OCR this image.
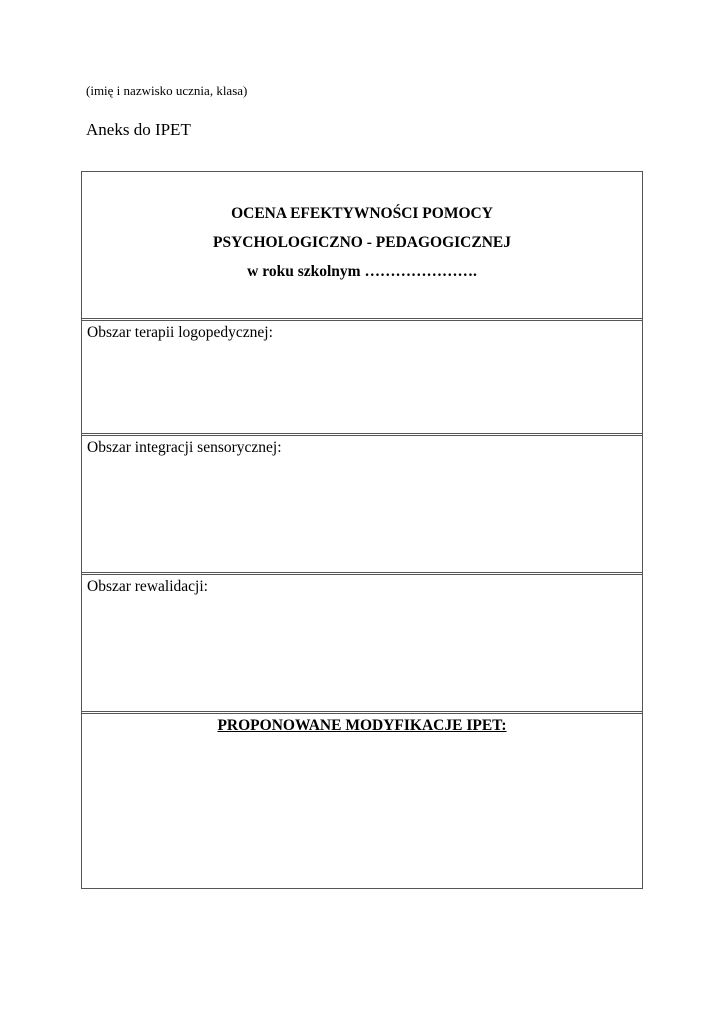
(imię i nazwisko ucznia, klasa)
Aneks do IPET
OCENA EFEKTYWNOŚCI POMOCY
PSYCHOLOGICZNO - PEDAGOGICZNEJ
w roku szkolnym ………………….
Obszar terapii logopedycznej:
Obszar integracji sensorycznej:
Obszar rewalidacji:
PROPONOWANE MODYFIKACJE IPET:
